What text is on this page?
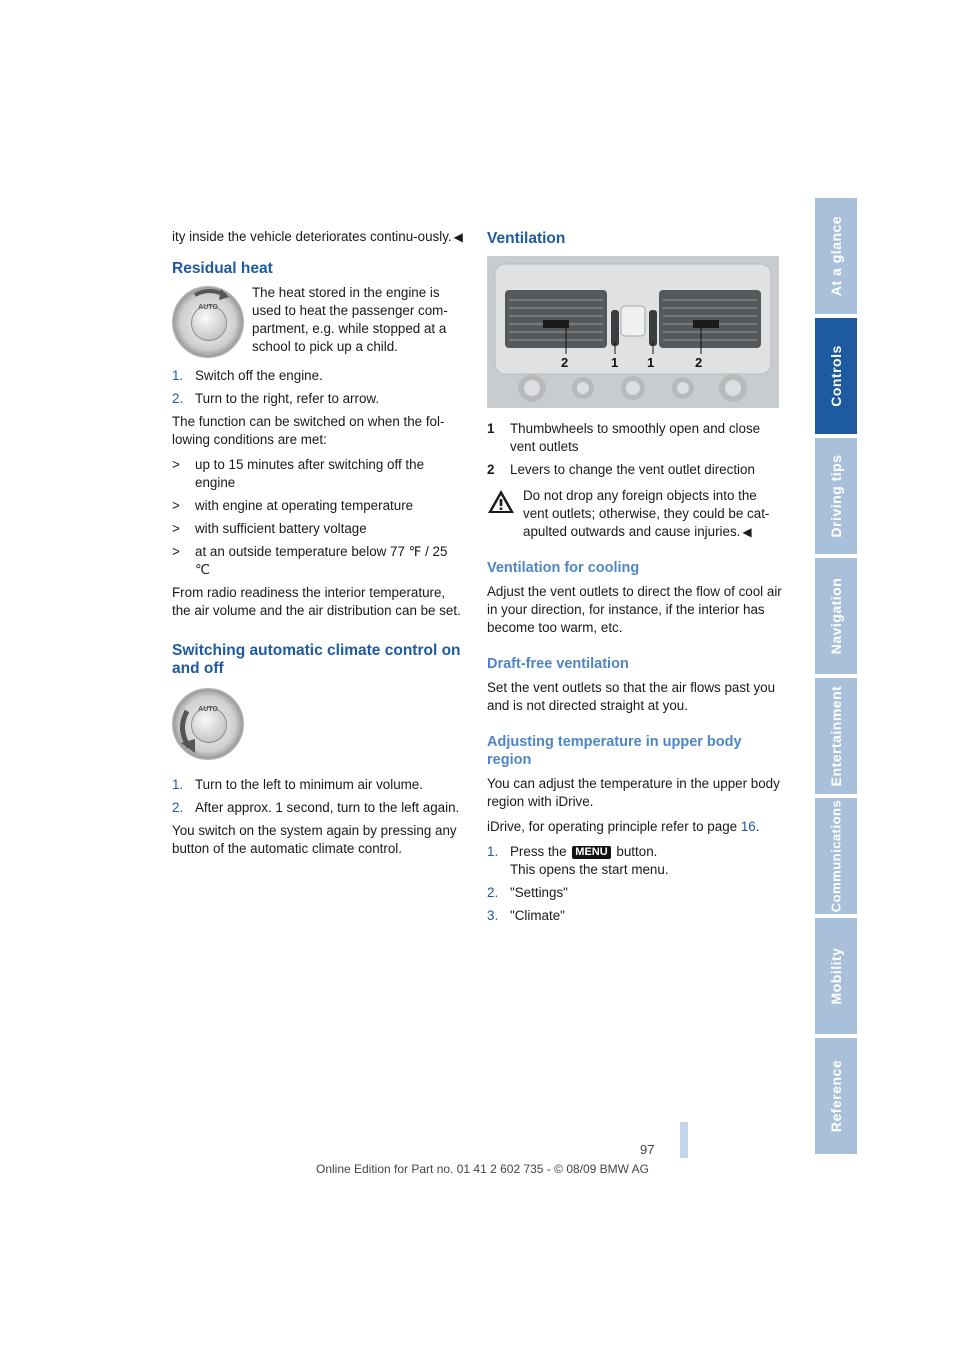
At a glance
Controls
Driving tips
Navigation
Entertainment
Communications
Mobility
Reference

ity inside the vehicle deteriorates continu-ously. ◀

Residual heat
AUTO

The heat stored in the engine is used to heat the passenger com-partment, e.g. while stopped at a school to pick up a child.

1. Switch off the engine.
2. Turn to the right, refer to arrow.

The function can be switched on when the fol-lowing conditions are met:

>	up to 15 minutes after switching off the engine
>	with engine at operating temperature
>	with sufficient battery voltage
>	at an outside temperature below 77 ℉ / 25 ℃

From radio readiness the interior temperature, the air volume and the air distribution can be set.

Switching automatic climate control on and off
AUTO
1. Turn to the left to minimum air volume.
2. After approx. 1 second, turn to the left again.

You switch on the system again by pressing any button of the automatic climate control.

Ventilation
2	1 1	2
1	Thumbwheels to smoothly open and close vent outlets
2	Levers to change the vent outlet direction

Do not drop any foreign objects into the vent outlets; otherwise, they could be cat-apulted outwards and cause injuries. ◀

Ventilation for cooling

Adjust the vent outlets to direct the flow of cool air in your direction, for instance, if the interior has become too warm, etc.

Draft-free ventilation

Set the vent outlets so that the air flows past you and is not directed straight at you.

Adjusting temperature in upper body region

You can adjust the temperature in the upper body region with iDrive.

iDrive, for operating principle refer to page 16.

1. Press the MENU button.
This opens the start menu.
2. "Settings"
3. "Climate"
97
Online Edition for Part no. 01 41 2 602 735 - © 08/09 BMW AG
